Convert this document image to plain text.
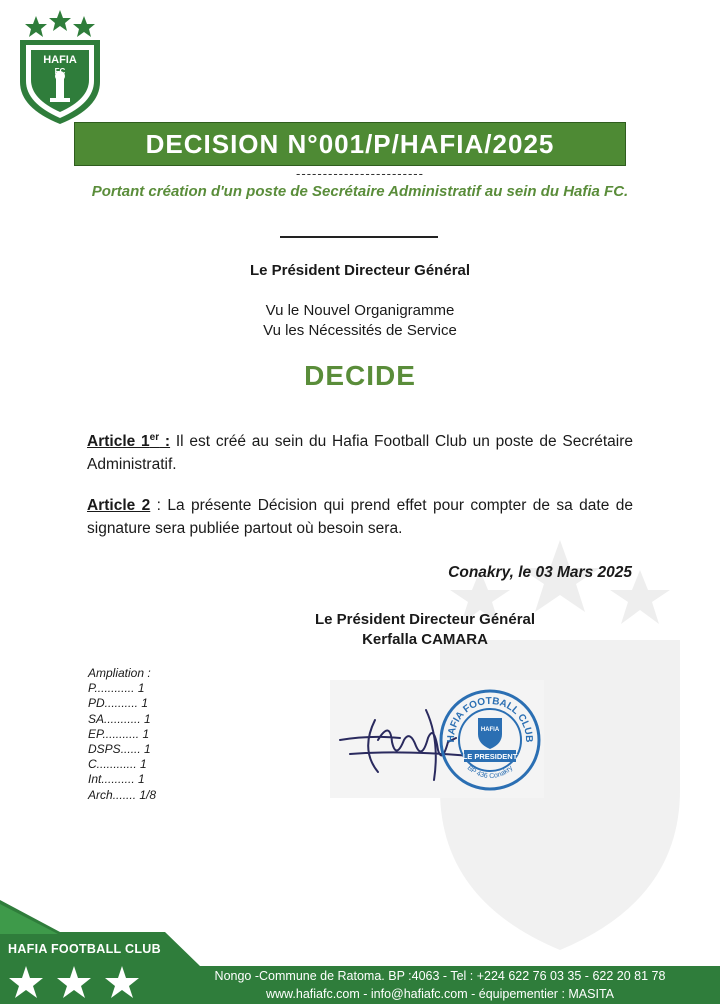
HAFIA
FC
DECISION N°001/P/HAFIA/2025
------------------------
Portant création d'un poste de Secrétaire Administratif au sein du Hafia FC.
Le Président Directeur Général
Vu le Nouvel Organigramme
Vu les Nécessités de Service
DECIDE
Article 1er : Il est créé au sein du Hafia Football Club un poste de Secrétaire Administratif.
Article 2 : La présente Décision qui prend effet pour compter de sa date de signature sera publiée partout où besoin sera.
Conakry, le 03 Mars 2025
Le Président Directeur Général
Kerfalla CAMARA
Ampliation :
P............ 1
PD.......... 1
SA........... 1
EP........... 1
DSPS...... 1
C............ 1
Int.......... 1
Arch....... 1/8
HAFIA FOOTBALL CLUB
BP 436 Conakry
HAFIA
LE PRESIDENT
HAFIA FOOTBALL CLUB
Nongo -Commune de Ratoma. BP :4063 - Tel : +224 622 76 03 35 - 622 20 81 78
www.hafiafc.com - info@hafiafc.com - équipementier : MASITA
